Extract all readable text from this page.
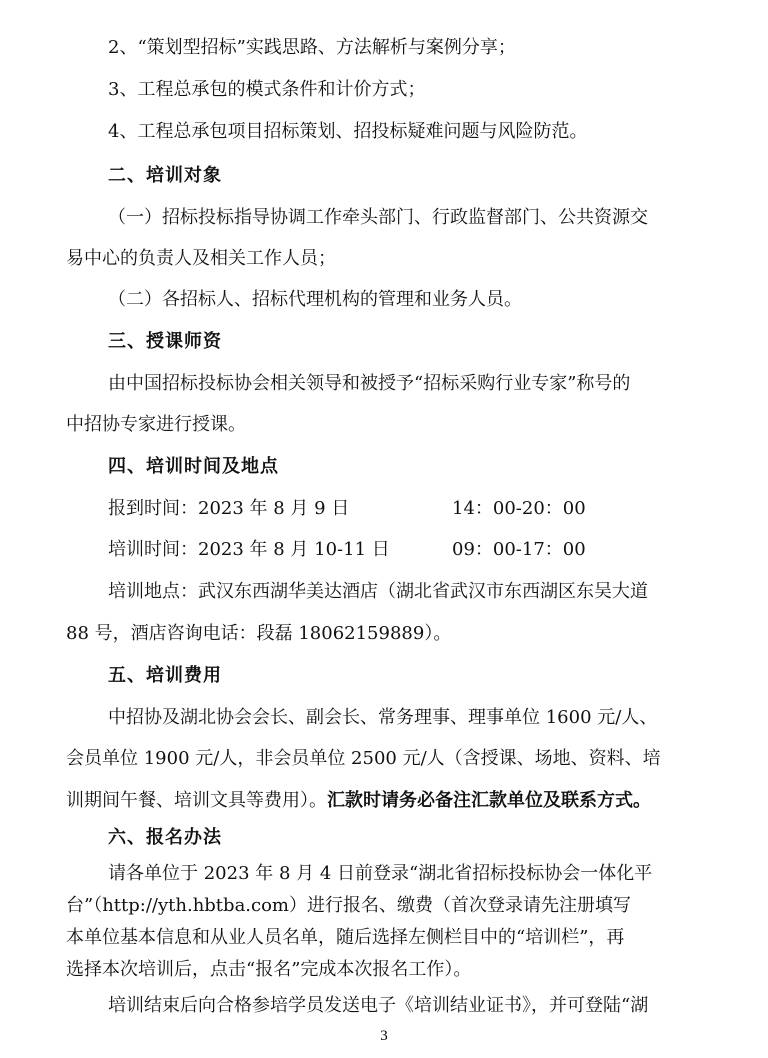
2、“策划型招标”实践思路、方法解析与案例分享；
3、工程总承包的模式条件和计价方式；
4、工程总承包项目招标策划、招投标疑难问题与风险防范。
二、培训对象
（一）招标投标指导协调工作牵头部门、行政监督部门、公共资源交
易中心的负责人及相关工作人员；
（二）各招标人、招标代理机构的管理和业务人员。
三、授课师资
由中国招标投标协会相关领导和被授予“招标采购行业专家”称号的
中招协专家进行授课。
四、培训时间及地点
报到时间：2023 年 8 月 9 日	14：00-20：00
培训时间：2023 年 8 月 10-11 日	09：00-17：00
培训地点：武汉东西湖华美达酒店（湖北省武汉市东西湖区东吴大道
88 号，酒店咨询电话：段磊 18062159889）。
五、培训费用
中招协及湖北协会会长、副会长、常务理事、理事单位 1600 元/人、
会员单位 1900 元/人，非会员单位 2500 元/人（含授课、场地、资料、培
训期间午餐、培训文具等费用）。汇款时请务必备注汇款单位及联系方式。
六、报名办法
请各单位于 2023 年 8 月 4 日前登录“湖北省招标投标协会一体化平
台”（http://yth.hbtba.com）进行报名、缴费（首次登录请先注册填写
本单位基本信息和从业人员名单，随后选择左侧栏目中的“培训栏”，再
培训结束后向合格参培学员发送电子《培训结业证书》，并可登陆“湖
选择本次培训后，点击“报名”完成本次报名工作）。
3
